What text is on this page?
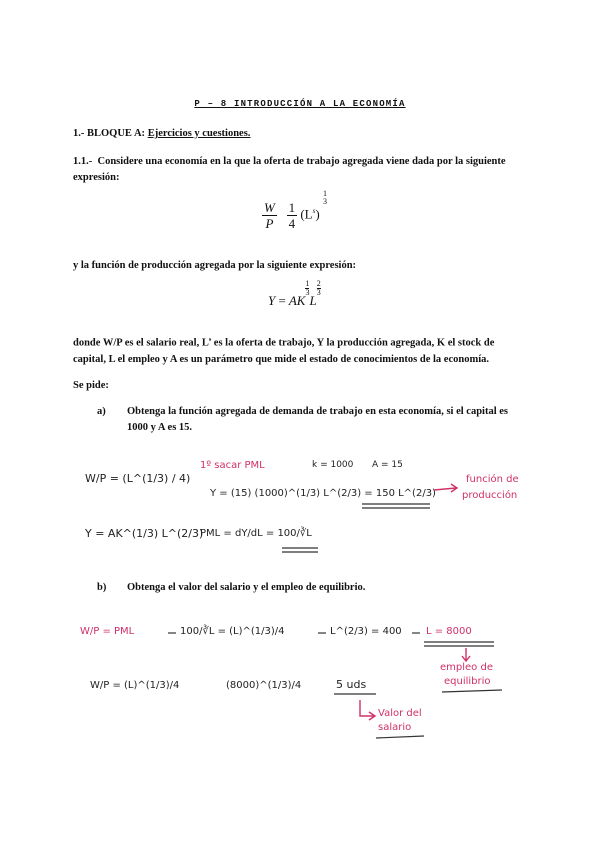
P – 8 INTRODUCCIÓN A LA ECONOMÍA
1.- BLOQUE A: Ejercicios y cuestiones.
1.1.- Considere una economía en la que la oferta de trabajo agregada viene dada por la siguiente
expresión:
$\frac{W}{P}$
$\frac{1}{4} (L^s)$
1
3
y la función de producción agregada por la siguiente expresión:
Y = AK
$\frac{1}{3}$
L
$\frac{2}{3}$
donde W/P es el salario real, $L^s$ es la oferta de trabajo, Y la producción agregada, K el stock de
capital, L el empleo y A es un parámetro que mide el estado de conocimientos de la economía.
Se pide:
a) Obtenga la función agregada de demanda de trabajo en esta economía, si el capital es
1000 y A es 15.
W/P = (L^(1/3) / 4)
Y = AK^(1/3) L^(2/3)
1º sacar PML	k = 1000 A = 15
Y = (15) (1000)^(1/3) L^(2/3) = 150 L^(2/3)
función de
producción
PML = dY/dL = 100/∛L
b) Obtenga el valor del salario y el empleo de equilibrio.
W/P = PML	100/∛L = (L)^(1/3)/4	L^(2/3) = 400 L = 8000
empleo de
equilibrio
W/P = (L)^(1/3)/4	(8000)^(1/3)/4	5 uds
Valor del
salario
